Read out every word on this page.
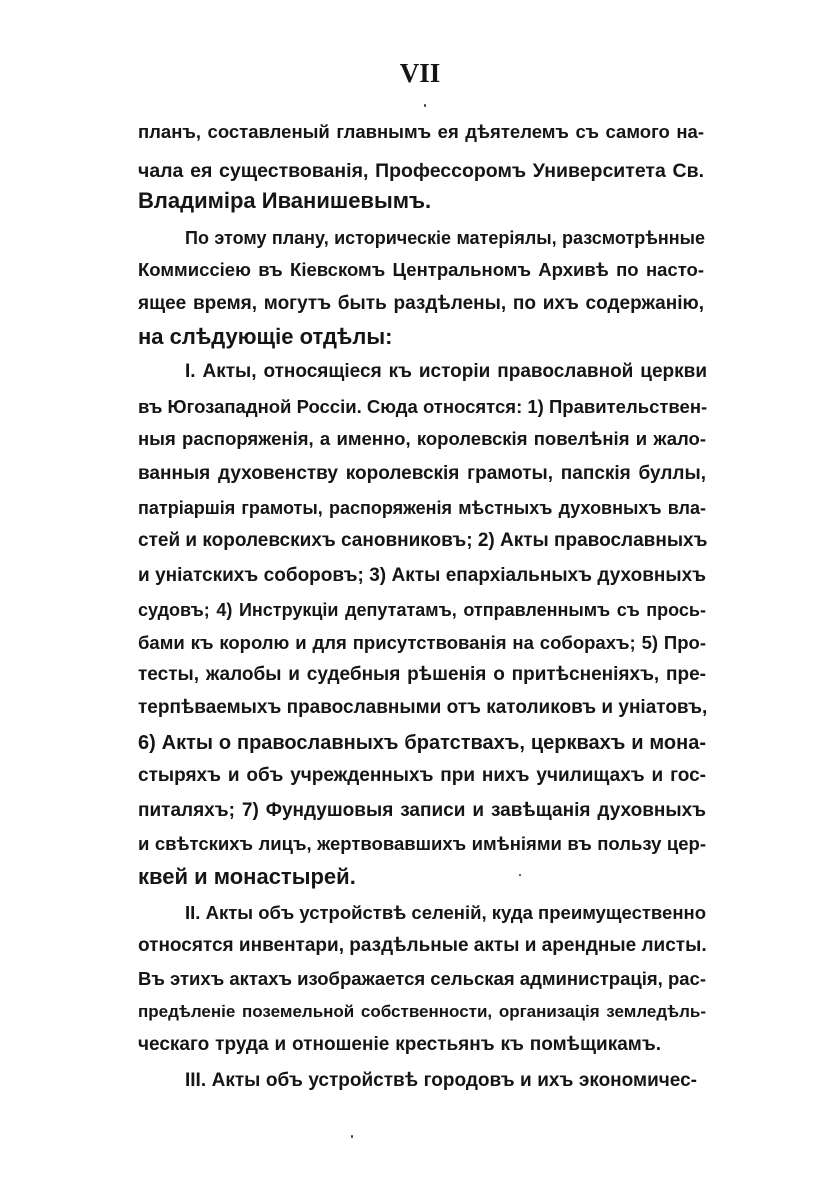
VII
планъ, составленый главнымъ ея дѣятелемъ съ самого на-
чала ея существованія, Профессоромъ Университета Св.
Владиміра Иванишевымъ.
По этому плану, историческіе матеріялы, разсмотрѣнные
Коммиссіею въ Кіевскомъ Центральномъ Архивѣ по насто-
ящее время, могутъ быть раздѣлены, по ихъ содержанію,
на слѣдующіе отдѣлы:
I. Акты, относящіеся къ исторіи православной церкви
въ Югозападной Россіи. Сюда относятся: 1) Правительствен-
ныя распоряженія, а именно, королевскія повелѣнія и жало-
ванныя духовенству королевскія грамоты, папскія буллы,
патріаршія грамоты, распоряженія мѣстныхъ духовныхъ вла-
стей и королевскихъ сановниковъ; 2) Акты православныхъ
и уніатскихъ соборовъ; 3) Акты епархіальныхъ духовныхъ
судовъ; 4) Инструкціи депутатамъ, отправленнымъ съ прось-
бами къ королю и для присутствованія на соборахъ; 5) Про-
тесты, жалобы и судебныя рѣшенія о притѣсненіяхъ, пре-
терпѣваемыхъ православными отъ католиковъ и уніатовъ,
6) Акты о православныхъ братствахъ, церквахъ и мона-
стыряхъ и объ учрежденныхъ при нихъ училищахъ и гос-
питаляхъ; 7) Фундушовыя записи и завѣщанія духовныхъ
и свѣтскихъ лицъ, жертвовавшихъ имѣніями въ пользу цер-
квей и монастырей.
II. Акты объ устройствѣ селеній, куда преимущественно
относятся инвентари, раздѣльные акты и арендные листы.
Въ этихъ актахъ изображается сельская администрація, рас-
предѣленіе поземельной собственности, организація земледѣль-
ческаго труда и отношеніе крестьянъ къ помѣщикамъ.
III. Акты объ устройствѣ городовъ и ихъ экономичес-
